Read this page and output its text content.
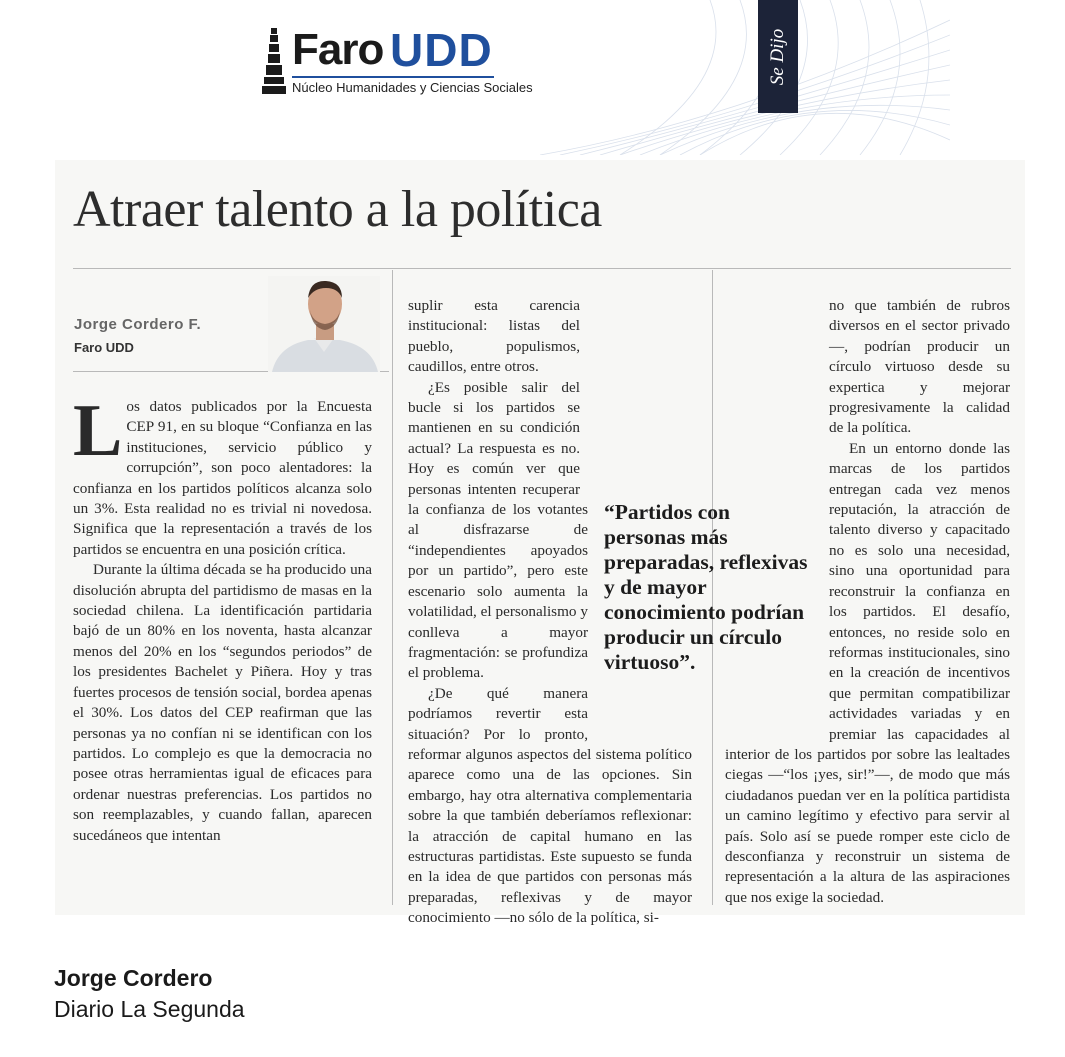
Faro UDD
Núcleo Humanidades y Ciencias Sociales
Se Dijo
Atraer talento a la política
Jorge Cordero F.
Faro UDD
L os datos publicados por la Encuesta CEP 91, en su bloque “Confianza en las instituciones, servicio público y corrupción”, son poco alentadores: la confianza en los partidos políticos alcanza solo un 3%. Esta realidad no es trivial ni novedosa. Significa que la representación a través de los partidos se encuentra en una posición crítica.

Durante la última década se ha producido una disolución abrupta del partidismo de masas en la sociedad chilena. La identificación partidaria bajó de un 80% en los noventa, hasta alcanzar menos del 20% en los “segundos periodos” de los presidentes Bachelet y Piñera. Hoy y tras fuertes procesos de tensión social, bordea apenas el 30%. Los datos del CEP reafirman que las personas ya no confían ni se identifican con los partidos. Lo complejo es que la democracia no posee otras herramientas igual de eficaces para ordenar nuestras preferencias. Los partidos no son reemplazables, y cuando fallan, aparecen sucedáneos que intentan

suplir esta carencia institucional: listas del pueblo, populismos, caudillos, entre otros.

¿Es posible salir del bucle si los partidos se mantienen en su condición actual? La respuesta es no. Hoy es común ver que personas intenten recuperar la confianza de los votantes al disfrazarse de “independientes apoyados por un partido”, pero este escenario solo aumenta la volatilidad, el personalismo y conlleva a mayor fragmentación: se profundiza el problema.

¿De qué manera podríamos revertir esta situación? Por lo pronto, reformar algunos aspectos del sistema político aparece como una de las opciones. Sin embargo, hay otra alternativa complementaria sobre la que también deberíamos reflexionar: la atracción de capital humano en las estructuras partidistas. Este supuesto se funda en la idea de que partidos con personas más preparadas, reflexivas y de mayor conocimiento —no sólo de la política, si-

no que también de rubros diversos en el sector privado—, podrían producir un círculo virtuoso desde su expertica y mejorar progresivamente la calidad de la política.

En un entorno donde las marcas de los partidos entregan cada vez menos reputación, la atracción de talento diverso y capacitado no es solo una necesidad, sino una oportunidad para reconstruir la confianza en los partidos. El desafío, entonces, no reside solo en reformas institucionales, sino en la creación de incentivos que permitan compatibilizar actividades variadas y en premiar las capacidades al interior de los partidos por sobre las lealtades ciegas —“los ¡yes, sir!”—, de modo que más ciudadanos puedan ver en la política partidista un camino legítimo y efectivo para servir al país. Solo así se puede romper este ciclo de desconfianza y reconstruir un sistema de representación a la altura de las aspiraciones que nos exige la sociedad.

“Partidos con personas más preparadas, reflexivas y de mayor conocimiento podrían producir un círculo virtuoso”.
Jorge Cordero
Diario La Segunda
